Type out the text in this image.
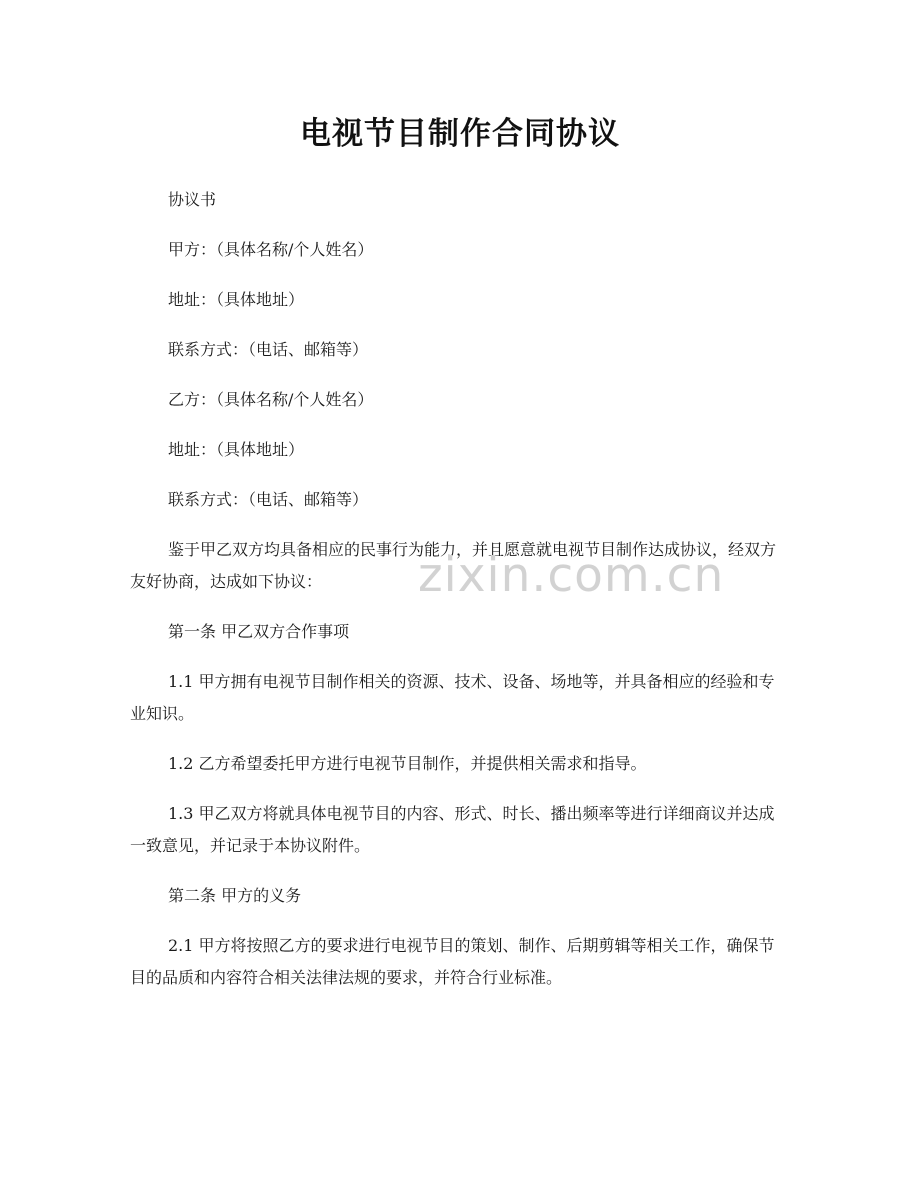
电视节目制作合同协议

协议书

甲方：（具体名称/个人姓名）

地址：（具体地址）

联系方式：（电话、邮箱等）

乙方：（具体名称/个人姓名）

地址：（具体地址）

联系方式：（电话、邮箱等）

鉴于甲乙双方均具备相应的民事行为能力，并且愿意就电视节目制作达成协议，经双方友好协商，达成如下协议：

第一条 甲乙双方合作事项

1.1 甲方拥有电视节目制作相关的资源、技术、设备、场地等，并具备相应的经验和专业知识。

1.2 乙方希望委托甲方进行电视节目制作，并提供相关需求和指导。

1.3 甲乙双方将就具体电视节目的内容、形式、时长、播出频率等进行详细商议并达成一致意见，并记录于本协议附件。

第二条 甲方的义务

2.1 甲方将按照乙方的要求进行电视节目的策划、制作、后期剪辑等相关工作，确保节目的品质和内容符合相关法律法规的要求，并符合行业标准。

zixin.com.cn
